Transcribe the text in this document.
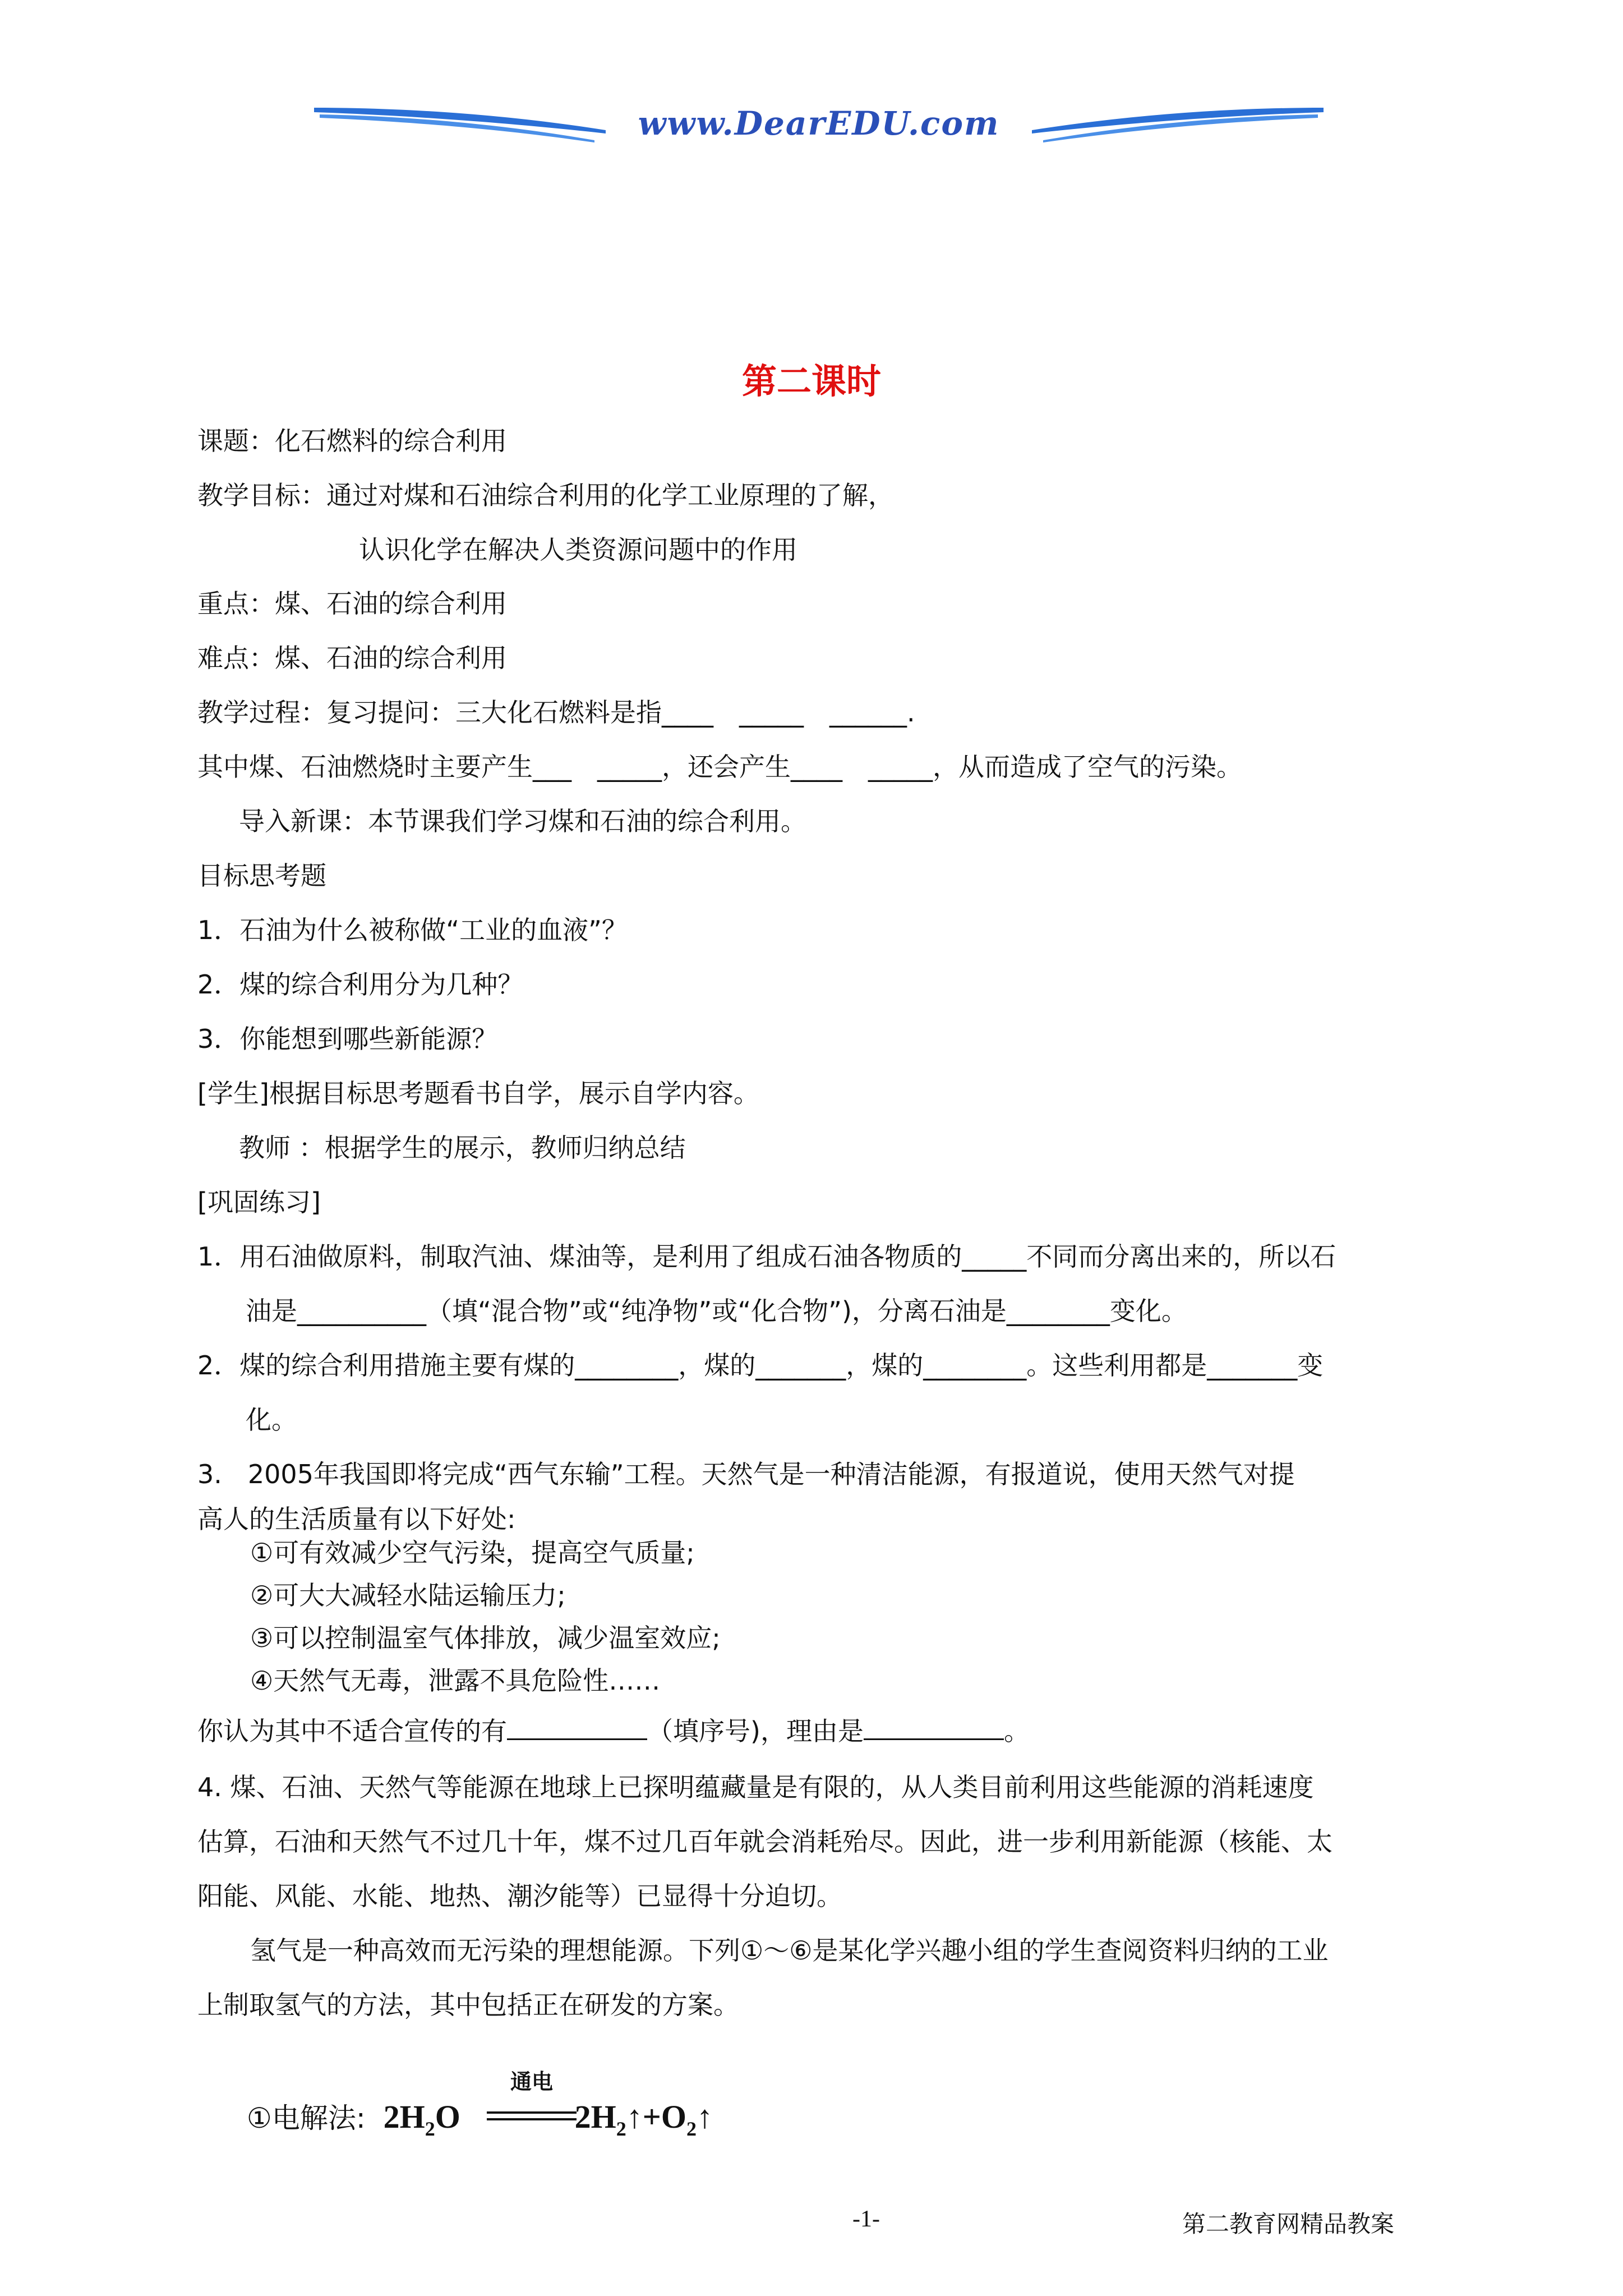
www.DearEDU.com
第二课时
课题：化石燃料的综合利用
教学目标：通过对煤和石油综合利用的化学工业原理的了解，
认识化学在解决人类资源问题中的作用
重点：煤、石油的综合利用
难点：煤、石油的综合利用
教学过程：复习提问：三大化石燃料是指____　_____　______.
其中煤、石油燃烧时主要产生___　_____，还会产生____　_____，从而造成了空气的污染。
导入新课：本节课我们学习煤和石油的综合利用。
目标思考题
1．石油为什么被称做“工业的血液”？
2．煤的综合利用分为几种？
3．你能想到哪些新能源？
[学生]根据目标思考题看书自学，展示自学内容。
教师 ：根据学生的展示，教师归纳总结
[巩固练习]
1．用石油做原料，制取汽油、煤油等，是利用了组成石油各物质的_____不同而分离出来的，所以石
油是__________（填“混合物”或“纯净物”或“化合物”)，分离石油是________变化。
2．煤的综合利用措施主要有煤的________，煤的_______，煤的________。这些利用都是_______变
化。
3.　2005年我国即将完成“西气东输”工程。天然气是一种清洁能源，有报道说，使用天然气对提
高人的生活质量有以下好处:
①可有效减少空气污染，提高空气质量;
②可大大减轻水陆运输压力;
③可以控制温室气体排放，减少温室效应;
④天然气无毒，泄露不具危险性……
你认为其中不适合宣传的有	（填序号)，理由是	。
4. 煤、石油、天然气等能源在地球上已探明蕴藏量是有限的，从人类目前利用这些能源的消耗速度
估算，石油和天然气不过几十年，煤不过几百年就会消耗殆尽。因此，进一步利用新能源（核能、太
阳能、风能、水能、地热、潮汐能等）已显得十分迫切。
氢气是一种高效而无污染的理想能源。下列①～⑥是某化学兴趣小组的学生查阅资料归纳的工业
上制取氢气的方法，其中包括正在研发的方案。
①电解法: $2H_2O$	$2H_2↑+O_2↑$
通电
-1-	第二教育网精品教案
